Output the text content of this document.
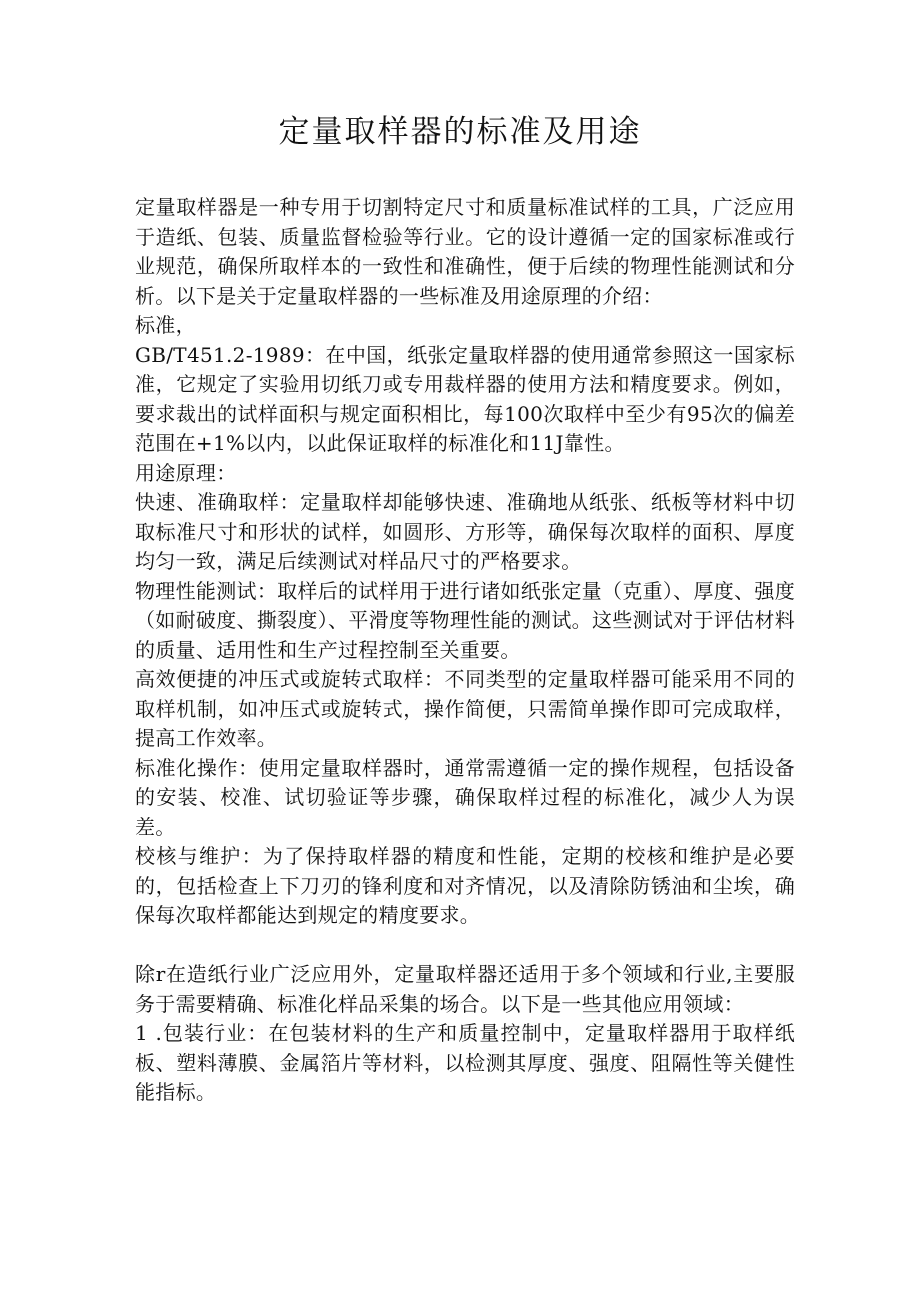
定量取样器的标准及用途

定量取样器是一种专用于切割特定尺寸和质量标准试样的工具，广泛应用于造纸、包装、质量监督检验等行业。它的设计遵循一定的国家标准或行业规范，确保所取样本的一致性和准确性，便于后续的物理性能测试和分析。以下是关于定量取样器的一些标准及用途原理的介绍：

标准，

GB/T451.2-1989：在中国，纸张定量取样器的使用通常参照这一国家标准，它规定了实验用切纸刀或专用裁样器的使用方法和精度要求。例如，要求裁出的试样面积与规定面积相比，每100次取样中至少有95次的偏差范围在+1%以内，以此保证取样的标准化和11J靠性。

用途原理：

快速、准确取样：定量取样却能够快速、准确地从纸张、纸板等材料中切取标准尺寸和形状的试样，如圆形、方形等，确保每次取样的面积、厚度均匀一致，满足后续测试对样品尺寸的严格要求。

物理性能测试：取样后的试样用于进行诸如纸张定量（克重）、厚度、强度（如耐破度、撕裂度）、平滑度等物理性能的测试。这些测试对于评估材料的质量、适用性和生产过程控制至关重要。

高效便捷的冲压式或旋转式取样：不同类型的定量取样器可能采用不同的取样机制，如冲压式或旋转式，操作简便，只需简单操作即可完成取样，提高工作效率。

标准化操作：使用定量取样器时，通常需遵循一定的操作规程，包括设备的安装、校准、试切验证等步骤，确保取样过程的标准化，减少人为误差。

校核与维护：为了保持取样器的精度和性能，定期的校核和维护是必要的，包括检查上下刀刃的锋利度和对齐情况，以及清除防锈油和尘埃，确保每次取样都能达到规定的精度要求。

除r在造纸行业广泛应用外，定量取样器还适用于多个领域和行业,主要服务于需要精确、标准化样品采集的场合。以下是一些其他应用领域：

1 .包装行业：在包装材料的生产和质量控制中，定量取样器用于取样纸板、塑料薄膜、金属箔片等材料，以检测其厚度、强度、阻隔性等关健性能指标。
